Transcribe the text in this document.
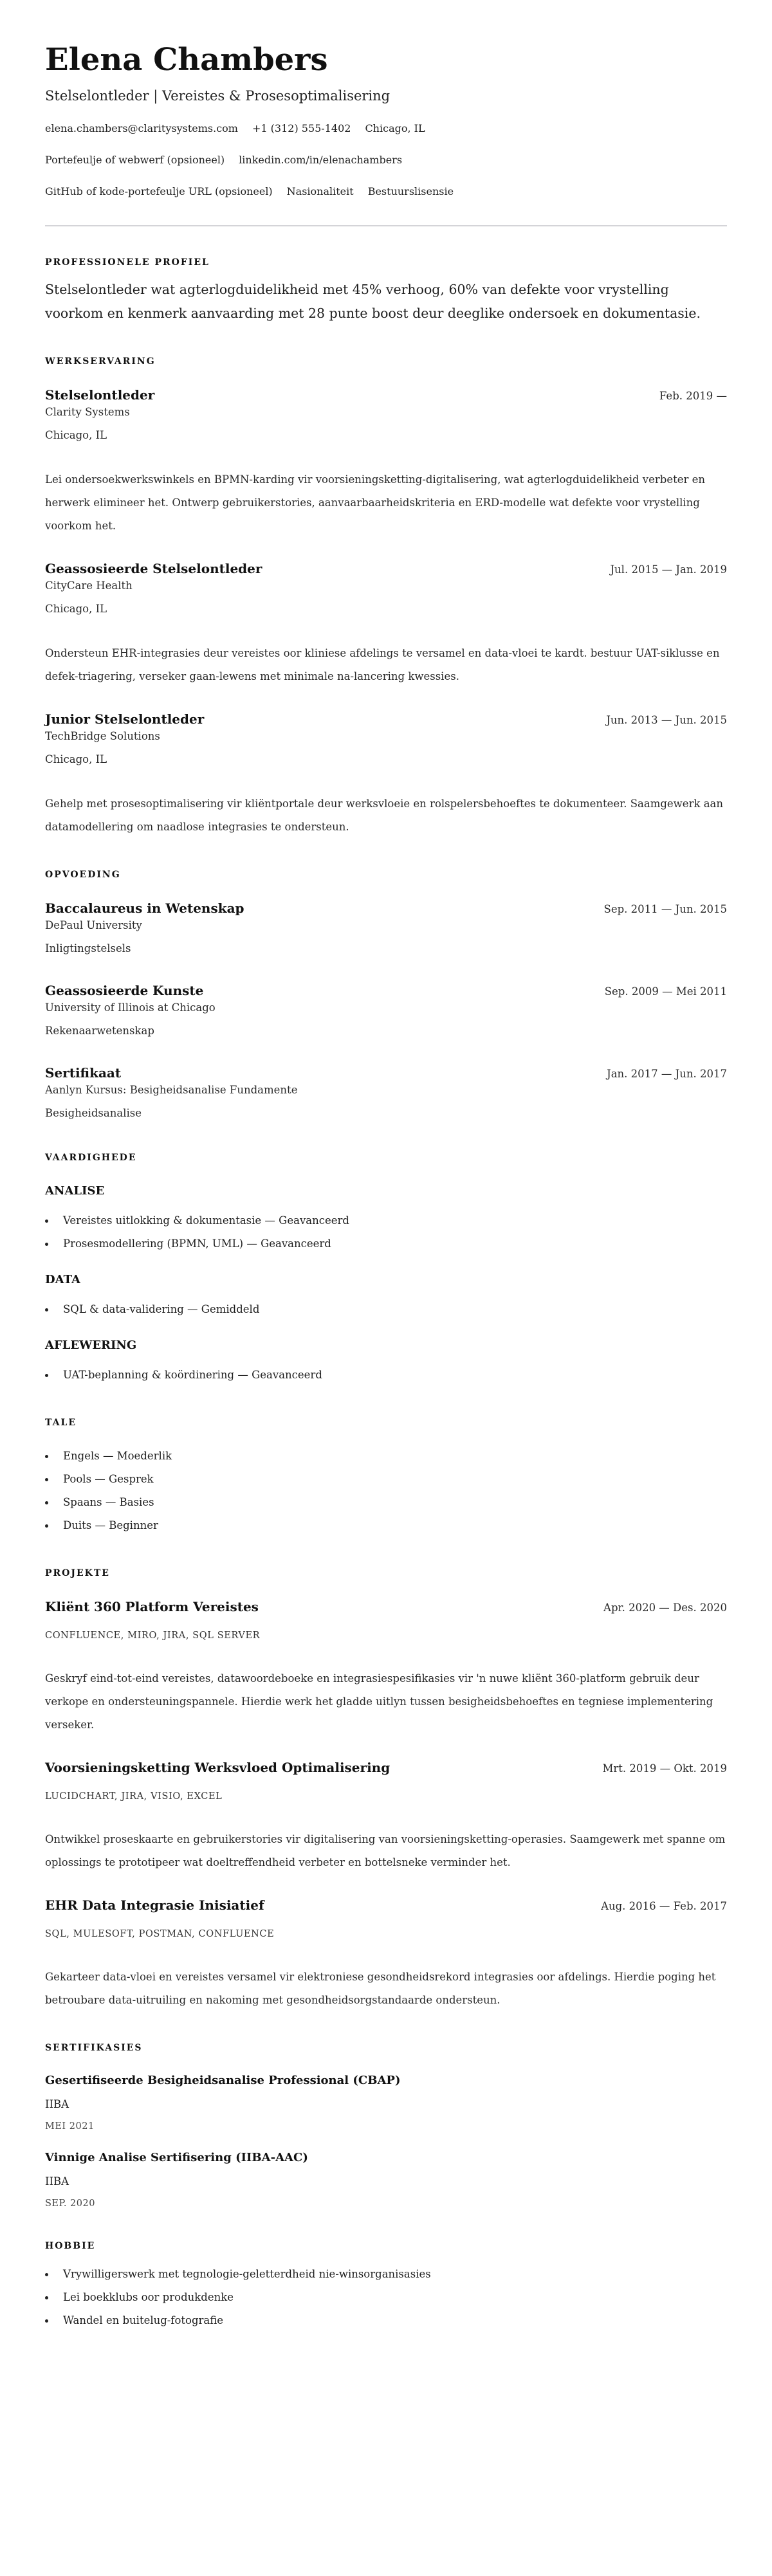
Elena Chambers
Stelselontleder | Vereistes & Prosesoptimalisering
elena.chambers@claritysystems.com +1 (312) 555-1402 Chicago, IL
Portefeulje of webwerf (opsioneel) linkedin.com/in/elenachambers
GitHub of kode-portefeulje URL (opsioneel) Nasionaliteit Bestuurslisensie
PROFESSIONELE PROFIEL

Stelselontleder wat agterlogduidelikheid met 45% verhoog, 60% van defekte voor vrystelling voorkom en kenmerk aanvaarding met 28 punte boost deur deeglike ondersoek en dokumentasie.

WERKSERVARING
Stelselontleder	Feb. 2019 —
Clarity Systems
Chicago, IL

Lei ondersoekwerkswinkels en BPMN-karding vir voorsieningsketting-digitalisering, wat agterlogduidelikheid verbeter en herwerk elimineer het. Ontwerp gebruikerstories, aanvaarbaarheidskriteria en ERD-modelle wat defekte voor vrystelling voorkom het.

Geassosieerde Stelselontleder	Jul. 2015 — Jan. 2019
CityCare Health
Chicago, IL

Ondersteun EHR-integrasies deur vereistes oor kliniese afdelings te versamel en data-vloei te kardt. bestuur UAT-siklusse en defek-triagering, verseker gaan-lewens met minimale na-lancering kwessies.

Junior Stelselontleder	Jun. 2013 — Jun. 2015
TechBridge Solutions
Chicago, IL

Gehelp met prosesoptimalisering vir kliëntportale deur werksvloeie en rolspelersbehoeftes te dokumenteer. Saamgewerk aan datamodellering om naadlose integrasies te ondersteun.

OPVOEDING
Baccalaureus in Wetenskap	Sep. 2011 — Jun. 2015
DePaul University
Inligtingstelsels
Geassosieerde Kunste	Sep. 2009 — Mei 2011
University of Illinois at Chicago
Rekenaarwetenskap
Sertifikaat	Jan. 2017 — Jun. 2017
Aanlyn Kursus: Besigheidsanalise Fundamente
Besigheidsanalise
VAARDIGHEDE
ANALISE
Vereistes uitlokking & dokumentasie — Geavanceerd
Prosesmodellering (BPMN, UML) — Geavanceerd
DATA
SQL & data-validering — Gemiddeld
AFLEWERING
UAT-beplanning & koördinering — Geavanceerd
TALE
Engels — Moederlik
Pools — Gesprek
Spaans — Basies
Duits — Beginner
PROJEKTE
Kliënt 360 Platform Vereistes	Apr. 2020 — Des. 2020
CONFLUENCE, MIRO, JIRA, SQL SERVER

Geskryf eind-tot-eind vereistes, datawoordeboeke en integrasiespesifikasies vir 'n nuwe kliënt 360-platform gebruik deur verkope en ondersteuningspannele. Hierdie werk het gladde uitlyn tussen besigheidsbehoeftes en tegniese implementering verseker.

Voorsieningsketting Werksvloed Optimalisering	Mrt. 2019 — Okt. 2019
LUCIDCHART, JIRA, VISIO, EXCEL

Ontwikkel proseskaarte en gebruikerstories vir digitalisering van voorsieningsketting-operasies. Saamgewerk met spanne om oplossings te prototipeer wat doeltreffendheid verbeter en bottelsneke verminder het.

EHR Data Integrasie Inisiatief	Aug. 2016 — Feb. 2017
SQL, MULESOFT, POSTMAN, CONFLUENCE

Gekarteer data-vloei en vereistes versamel vir elektroniese gesondheidsrekord integrasies oor afdelings. Hierdie poging het betroubare data-uitruiling en nakoming met gesondheidsorgstandaarde ondersteun.

SERTIFIKASIES
Gesertifiseerde Besigheidsanalise Professional (CBAP)
IIBA
MEI 2021
Vinnige Analise Sertifisering (IIBA-AAC)
IIBA
SEP. 2020
HOBBIE
Vrywilligerswerk met tegnologie-geletterdheid nie-winsorganisasies
Lei boekklubs oor produkdenke
Wandel en buitelug-fotografie
